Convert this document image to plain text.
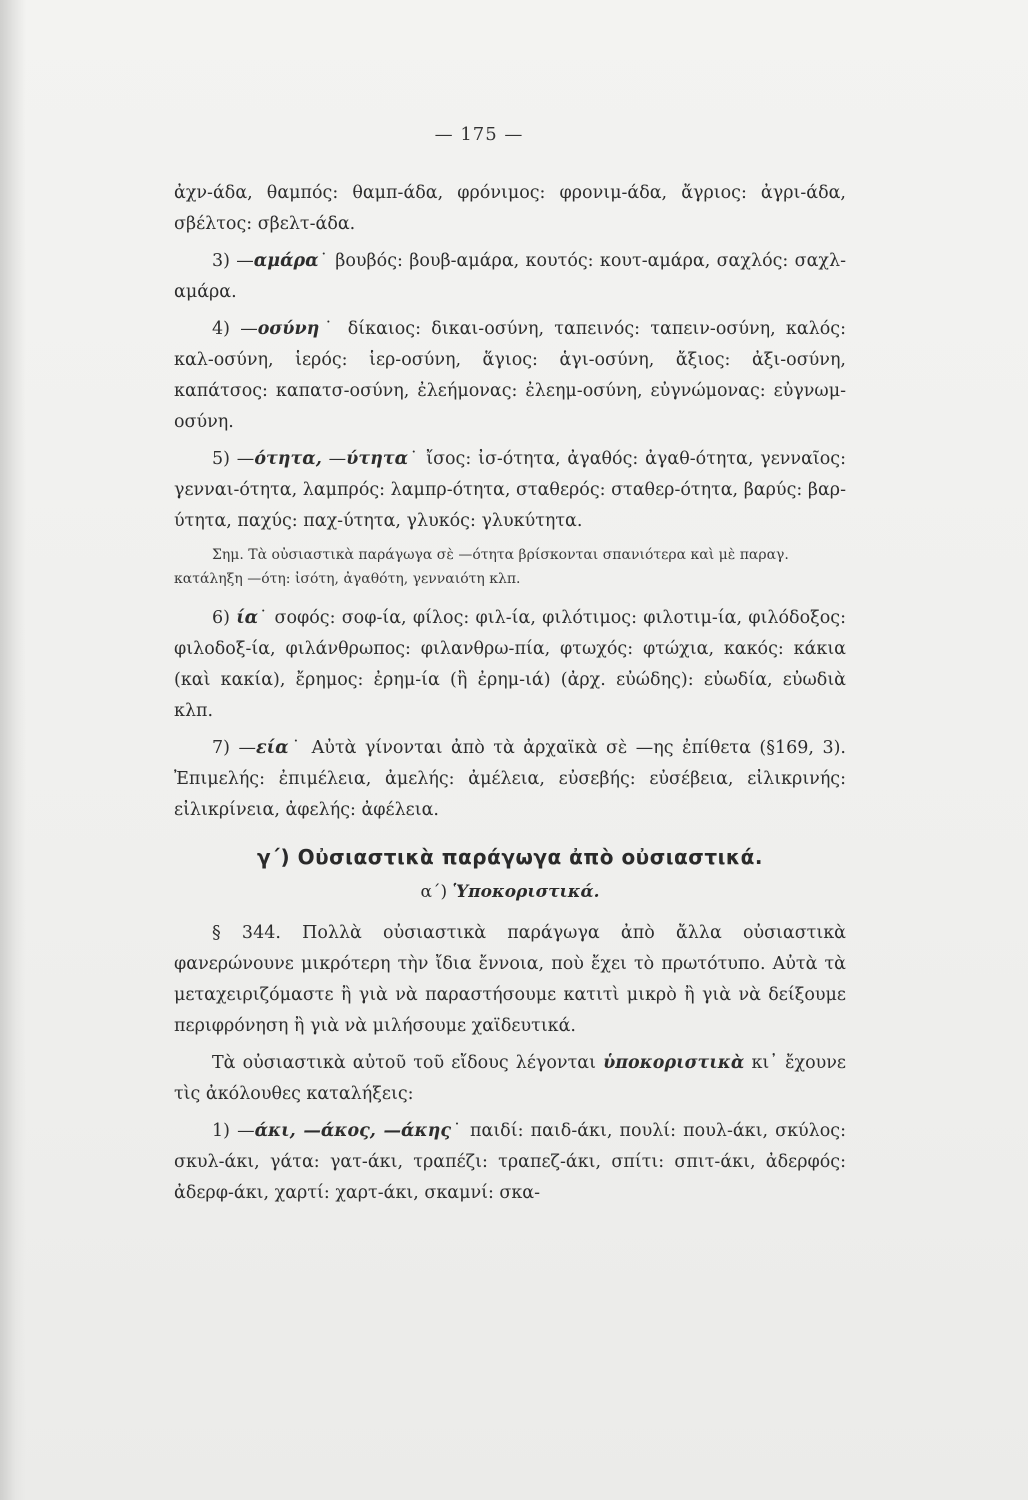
— 175 —

ἀχν-άδα, θαμπός: θαμπ-άδα, φρόνιμος: φρονιμ-άδα, ἄγριος: ἀγρι-άδα, σβέλτος: σβελτ-άδα.

3) —αμάρα˙ βουβός: βουβ-αμάρα, κουτός: κουτ-αμάρα, σαχλός: σαχλ-αμάρα.

4) —οσύνη˙ δίκαιος: δικαι-οσύνη, ταπεινός: ταπειν-οσύνη, καλός: καλ-οσύνη, ἱερός: ἱερ-οσύνη, ἅγιος: ἁγι-οσύνη, ἄξιος: ἀξι-οσύνη, καπάτσος: καπατσ-οσύνη, ἐλεήμονας: ἐλεημ-οσύνη, εὐγνώμονας: εὐγνωμ-οσύνη.

5) —ότητα, —ύτητα˙ ἴσος: ἰσ-ότητα, ἀγαθός: ἀγαθ-ότητα, γενναῖος: γενναι-ότητα, λαμπρός: λαμπρ-ότητα, σταθερός: σταθερ-ότητα, βαρύς: βαρ-ύτητα, παχύς: παχ-ύτητα, γλυκός: γλυκύτητα.

Σημ. Τὰ οὐσιαστικὰ παράγωγα σὲ —ότητα βρίσκονται σπανιότερα καὶ μὲ παραγ. κατάληξη —ότη: ἰσότη, ἀγαθότη, γενναιότη κλπ.

6) ία˙ σοφός: σοφ-ία, φίλος: φιλ-ία, φιλότιμος: φιλοτιμ-ία, φιλόδοξος: φιλοδοξ-ία, φιλάνθρωπος: φιλανθρω-πία, φτωχός: φτώχια, κακός: κάκια (καὶ κακία), ἔρημος: ἐρημ-ία (ἢ ἐρημ-ιά) (ἀρχ. εὐώδης): εὐωδία, εὐωδιὰ κλπ.

7) —εία˙ Αὐτὰ γίνονται ἀπὸ τὰ ἀρχαϊκὰ σὲ —ης ἐπίθετα (§169, 3). Ἐπιμελής: ἐπιμέλεια, ἀμελής: ἀμέλεια, εὐσεβής: εὐσέβεια, εἰλικρινής: εἰλικρίνεια, ἀφελής: ἀφέλεια.

γ΄) Οὐσιαστικὰ παράγωγα ἀπὸ οὐσιαστικά.
α΄) Ὑποκοριστικά.

§ 344. Πολλὰ οὐσιαστικὰ παράγωγα ἀπὸ ἄλλα οὐσιαστικὰ φανερώνουνε μικρότερη τὴν ἴδια ἔννοια, ποὺ ἔχει τὸ πρωτότυπο. Αὐτὰ τὰ μεταχειριζόμαστε ἢ γιὰ νὰ παραστήσουμε κατιτὶ μικρὸ ἢ γιὰ νὰ δείξουμε περιφρόνηση ἢ γιὰ νὰ μιλήσουμε χαϊδευτικά.

Τὰ οὐσιαστικὰ αὐτοῦ τοῦ εἴδους λέγονται ὑποκοριστικὰ κι᾽ ἔχουνε τὶς ἀκόλουθες καταλήξεις:

1) —άκι, —άκος, —άκης˙ παιδί: παιδ-άκι, πουλί: πουλ-άκι, σκύλος: σκυλ-άκι, γάτα: γατ-άκι, τραπέζι: τραπεζ-άκι, σπίτι: σπιτ-άκι, ἀδερφός: ἀδερφ-άκι, χαρτί: χαρτ-άκι, σκαμνί: σκα-
